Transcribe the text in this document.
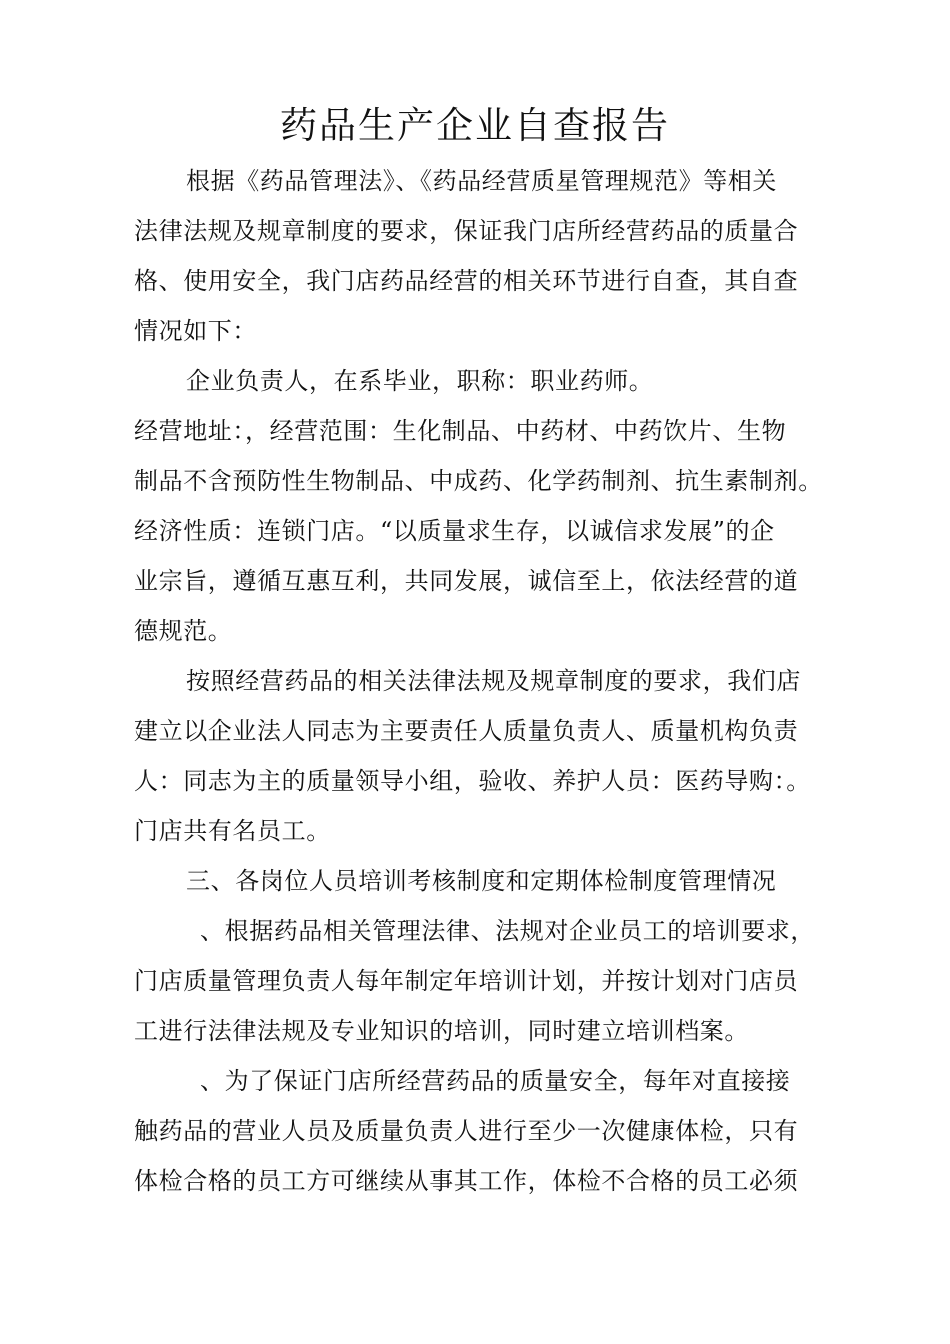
药品生产企业自查报告
根据《药品管理法》、《药品经营质星管理规范》等相关
法律法规及规章制度的要求，保证我门店所经营药品的质量合
格、使用安全，我门店药品经营的相关环节进行自查，其自查
情况如下：
企业负责人，在系毕业，职称：职业药师。
经营地址：，经营范围：生化制品、中药材、中药饮片、生物
制品不含预防性生物制品、中成药、化学药制剂、抗生素制剂。
经济性质：连锁门店。“以质量求生存，以诚信求发展”的企
业宗旨，遵循互惠互利，共同发展，诚信至上，依法经营的道
德规范。
按照经营药品的相关法律法规及规章制度的要求，我们店
建立以企业法人同志为主要责任人质量负责人、质量机构负责
人：同志为主的质量领导小组，验收、养护人员：医药导购：。
门店共有名员工。
三、各岗位人员培训考核制度和定期体检制度管理情况
、根据药品相关管理法律、法规对企业员工的培训要求，
门店质量管理负责人每年制定年培训计划，并按计划对门店员
工进行法律法规及专业知识的培训，同时建立培训档案。
、为了保证门店所经营药品的质量安全，每年对直接接
触药品的营业人员及质量负责人进行至少一次健康体检，只有
体检合格的员工方可继续从事其工作，体检不合格的员工必须
